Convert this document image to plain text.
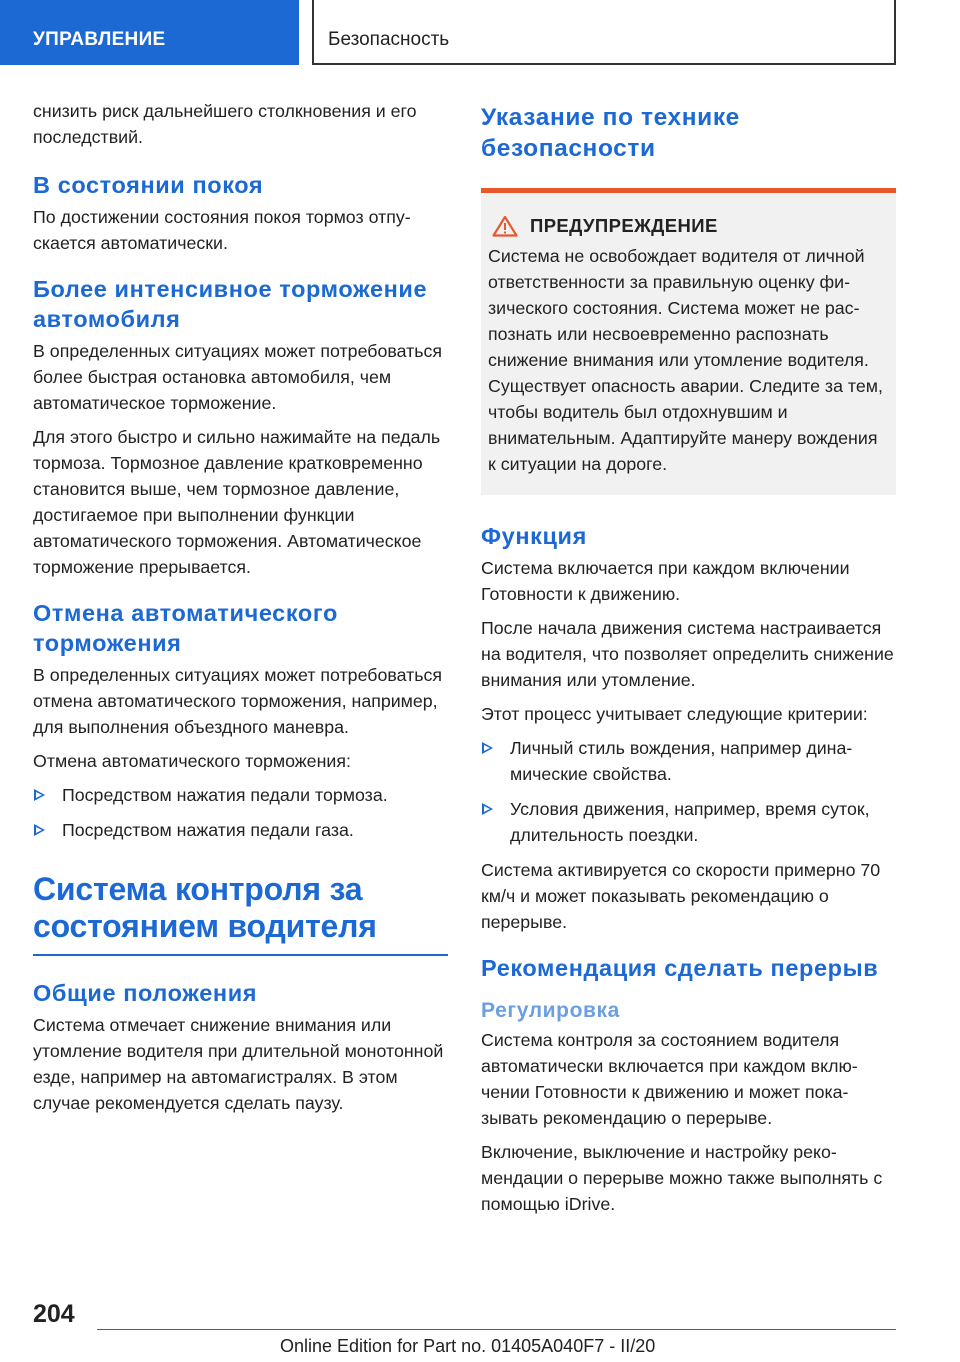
УПРАВЛЕНИЕ	Безопасность

снизить риск дальнейшего столкновения и его последствий.

В состоянии покоя

По достижении состояния покоя тормоз отпускается автоматически.

Более интенсивное торможение автомобиля

В определенных ситуациях может потребоваться более быстрая остановка автомобиля, чем автоматическое торможение.

Для этого быстро и сильно нажимайте на педаль тормоза. Тормозное давление кратковременно становится выше, чем тормозное давление, достигаемое при выполнении функции автоматического торможения. Автоматическое торможение прерывается.

Отмена автоматического торможения

В определенных ситуациях может потребоваться отмена автоматического торможения, например, для выполнения объездного маневра.

Отмена автоматического торможения:

Посредством нажатия педали тормоза.
Посредством нажатия педали газа.
Система контроля за состоянием водителя
Общие положения

Система отмечает снижение внимания или утомление водителя при длительной монотонной езде, например на автомагистралях. В этом случае рекомендуется сделать паузу.

Указание по технике безопасности
ПРЕДУПРЕЖДЕНИЕ

Система не освобождает водителя от личной ответственности за правильную оценку физического состояния. Система может не распознать или несвоевременно распознать снижение внимания или утомление водителя. Существует опасность аварии. Следите за тем, чтобы водитель был отдохнувшим и внимательным. Адаптируйте манеру вождения к ситуации на дороге.

Функция

Система включается при каждом включении Готовности к движению.

После начала движения система настраивается на водителя, что позволяет определить снижение внимания или утомление.

Этот процесс учитывает следующие критерии:

Личный стиль вождения, например динамические свойства.
Условия движения, например, время суток, длительность поездки.

Система активируется со скорости примерно 70 км/ч и может показывать рекомендацию о перерыве.

Рекомендация сделать перерыв
Регулировка

Система контроля за состоянием водителя автоматически включается при каждом включении Готовности к движению и может показывать рекомендацию о перерыве.

Включение, выключение и настройку рекомендации о перерыве можно также выполнять с помощью iDrive.

204
Online Edition for Part no. 01405A040F7 - II/20
